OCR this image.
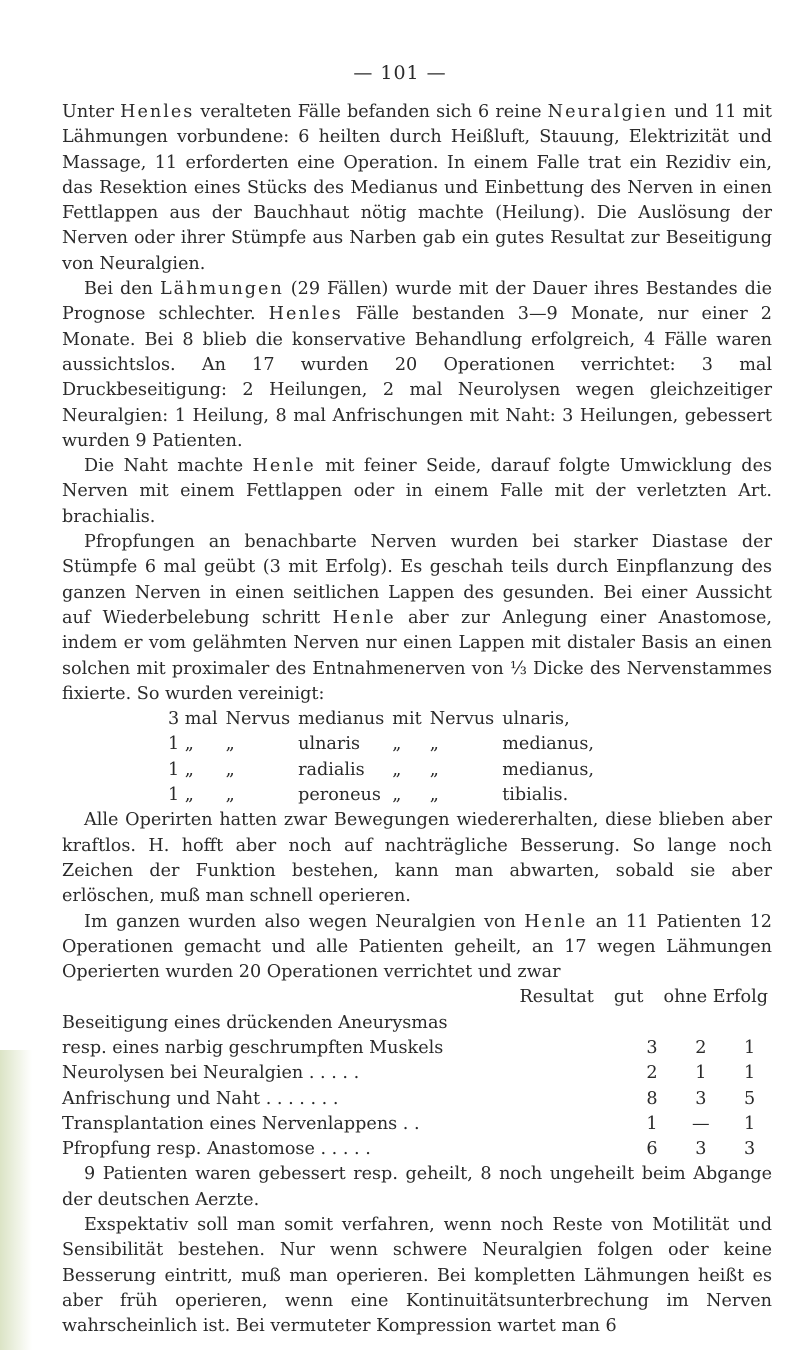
— 101 —

Unter Henles veralteten Fälle befanden sich 6 reine Neuralgien und 11 mit Lähmungen vorbundene: 6 heilten durch Heißluft, Stauung, Elektrizität und Massage, 11 erforderten eine Operation. In einem Falle trat ein Rezidiv ein, das Resektion eines Stücks des Medianus und Einbettung des Nerven in einen Fettlappen aus der Bauchhaut nötig machte (Heilung). Die Auslösung der Nerven oder ihrer Stümpfe aus Narben gab ein gutes Resultat zur Beseitigung von Neuralgien.

Bei den Lähmungen (29 Fällen) wurde mit der Dauer ihres Bestandes die Prognose schlechter. Henles Fälle bestanden 3—9 Monate, nur einer 2 Monate. Bei 8 blieb die konservative Behandlung erfolgreich, 4 Fälle waren aussichtslos. An 17 wurden 20 Operationen verrichtet: 3 mal Druckbeseitigung: 2 Heilungen, 2 mal Neurolysen wegen gleichzeitiger Neuralgien: 1 Heilung, 8 mal Anfrischungen mit Naht: 3 Heilungen, gebessert wurden 9 Patienten.

Die Naht machte Henle mit feiner Seide, darauf folgte Umwicklung des Nerven mit einem Fettlappen oder in einem Falle mit der verletzten Art. brachialis.

Pfropfungen an benachbarte Nerven wurden bei starker Diastase der Stümpfe 6 mal geübt (3 mit Erfolg). Es geschah teils durch Einpflanzung des ganzen Nerven in einen seitlichen Lappen des gesunden. Bei einer Aussicht auf Wiederbelebung schritt Henle aber zur Anlegung einer Anastomose, indem er vom gelähmten Nerven nur einen Lappen mit distaler Basis an einen solchen mit proximaler des Entnahmenerven von ⅓ Dicke des Nervenstammes fixierte. So wurden vereinigt:

3 mal	Nervus	medianus	mit	Nervus	ulnaris,
1 „	„	ulnaris	„	„	medianus,
1 „	„	radialis	„	„	medianus,
1 „	„	peroneus	„	„	tibialis.

Alle Operirten hatten zwar Bewegungen wiedererhalten, diese blieben aber kraftlos. H. hofft aber noch auf nachträgliche Besserung. So lange noch Zeichen der Funktion bestehen, kann man abwarten, sobald sie aber erlöschen, muß man schnell operieren.

Im ganzen wurden also wegen Neuralgien von Henle an 11 Patienten 12 Operationen gemacht und alle Patienten geheilt, an 17 wegen Lähmungen Operierten wurden 20 Operationen verrichtet und zwar

Resultat gut ohne Erfolg
Beseitigung eines drückenden Aneurysmas			
resp. eines narbig geschrumpften Muskels	3	2	1
Neurolysen bei Neuralgien . . . . .	2	1	1
Anfrischung und Naht . . . . . . .	8	3	5
Transplantation eines Nervenlappens . .	1	—	1
Pfropfung resp. Anastomose . . . . .	6	3	3

9 Patienten waren gebessert resp. geheilt, 8 noch ungeheilt beim Abgange der deutschen Aerzte.

Exspektativ soll man somit verfahren, wenn noch Reste von Motilität und Sensibilität bestehen. Nur wenn schwere Neuralgien folgen oder keine Besserung eintritt, muß man operieren. Bei kompletten Lähmungen heißt es aber früh operieren, wenn eine Kontinuitätsunterbrechung im Nerven wahrscheinlich ist. Bei vermuteter Kompression wartet man 6
